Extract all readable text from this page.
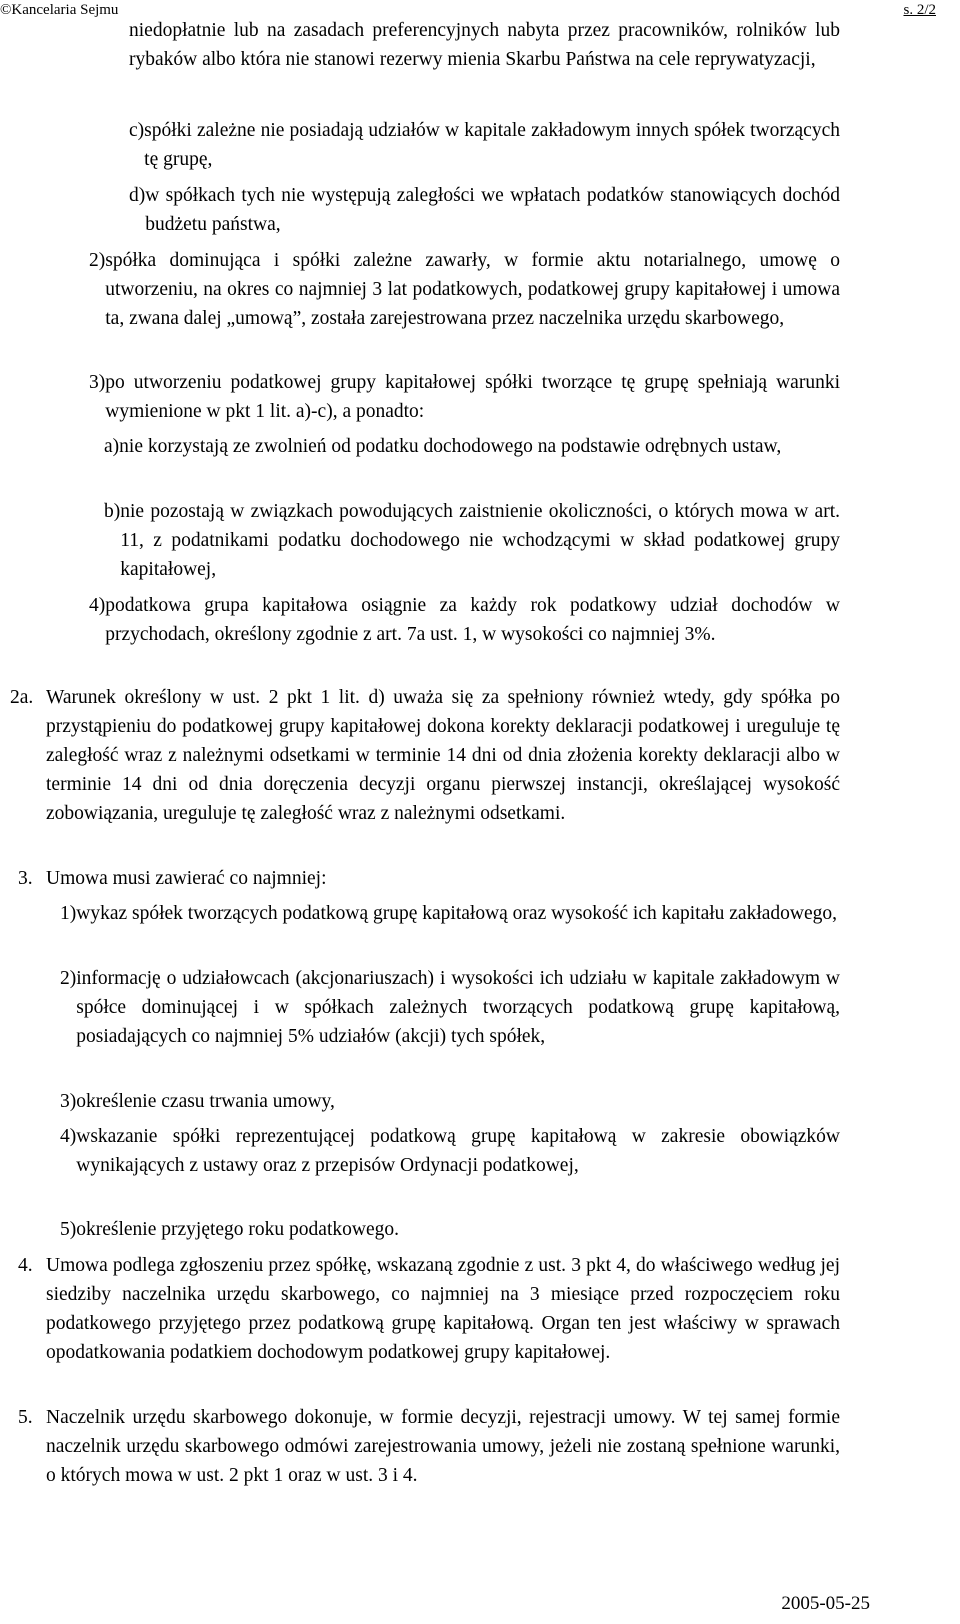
©Kancelaria Sejmu	s. 2/2

niedopłatnie lub na zasadach preferencyjnych nabyta przez pracowników, rolników lub rybaków albo która nie stanowi rezerwy mienia Skarbu Państwa na cele reprywatyzacji,

c) spółki zależne nie posiadają udziałów w kapitale zakładowym innych spółek tworzących tę grupę,
d) w spółkach tych nie występują zaległości we wpłatach podatków stanowiących dochód budżetu państwa,
2) spółka dominująca i spółki zależne zawarły, w formie aktu notarialnego, umowę o utworzeniu, na okres co najmniej 3 lat podatkowych, podatkowej grupy kapitałowej i umowa ta, zwana dalej „umową”, została zarejestrowana przez naczelnika urzędu skarbowego,
3) po utworzeniu podatkowej grupy kapitałowej spółki tworzące tę grupę spełniają warunki wymienione w pkt 1 lit. a)-c), a ponadto:
a) nie korzystają ze zwolnień od podatku dochodowego na podstawie odrębnych ustaw,
b) nie pozostają w związkach powodujących zaistnienie okoliczności, o których mowa w art. 11, z podatnikami podatku dochodowego nie wchodzącymi w skład podatkowej grupy kapitałowej,
4) podatkowa grupa kapitałowa osiągnie za każdy rok podatkowy udział dochodów w przychodach, określony zgodnie z art. 7a ust. 1, w wysokości co najmniej 3%.
2a. Warunek określony w ust. 2 pkt 1 lit. d) uważa się za spełniony również wtedy, gdy spółka po przystąpieniu do podatkowej grupy kapitałowej dokona korekty deklaracji podatkowej i ureguluje tę zaległość wraz z należnymi odsetkami w terminie 14 dni od dnia złożenia korekty deklaracji albo w terminie 14 dni od dnia doręczenia decyzji organu pierwszej instancji, określającej wysokość zobowiązania, ureguluje tę zaległość wraz z należnymi odsetkami.
3. Umowa musi zawierać co najmniej:
1) wykaz spółek tworzących podatkową grupę kapitałową oraz wysokość ich kapitału zakładowego,
2) informację o udziałowcach (akcjonariuszach) i wysokości ich udziału w kapitale zakładowym w spółce dominującej i w spółkach zależnych tworzących podatkową grupę kapitałową, posiadających co najmniej 5% udziałów (akcji) tych spółek,
3) określenie czasu trwania umowy,
4) wskazanie spółki reprezentującej podatkową grupę kapitałową w zakresie obowiązków wynikających z ustawy oraz z przepisów Ordynacji podatkowej,
5) określenie przyjętego roku podatkowego.
4. Umowa podlega zgłoszeniu przez spółkę, wskazaną zgodnie z ust. 3 pkt 4, do właściwego według jej siedziby naczelnika urzędu skarbowego, co najmniej na 3 miesiące przed rozpoczęciem roku podatkowego przyjętego przez podatkową grupę kapitałową. Organ ten jest właściwy w sprawach opodatkowania podatkiem dochodowym podatkowej grupy kapitałowej.
5. Naczelnik urzędu skarbowego dokonuje, w formie decyzji, rejestracji umowy. W tej samej formie naczelnik urzędu skarbowego odmówi zarejestrowania umowy, jeżeli nie zostaną spełnione warunki, o których mowa w ust. 2 pkt 1 oraz w ust. 3 i 4.
2005-05-25
